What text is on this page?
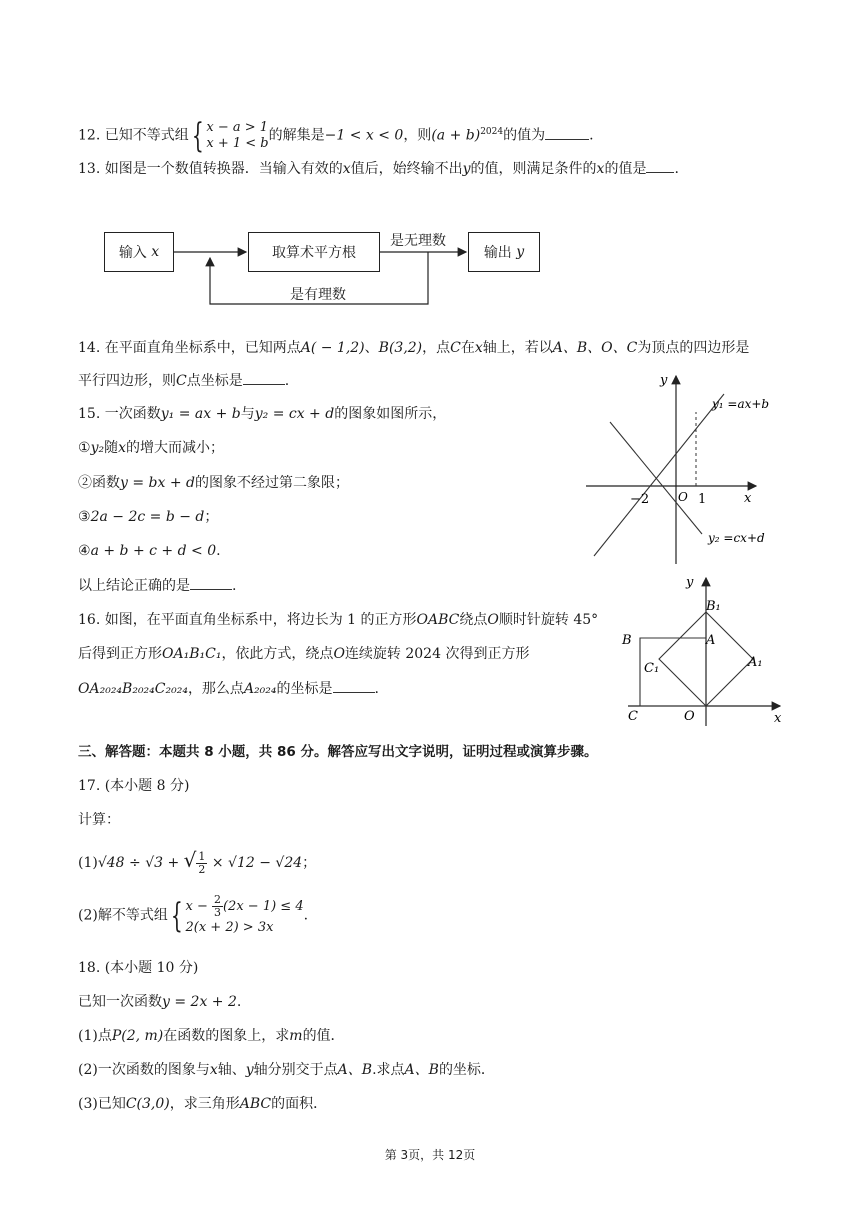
12. 已知不等式组{ x − a > 1
x + 1 < b 的解集是−1 < x < 0，则$(a + b)^{2024}$的值为	.
13. 如图是一个数值转换器．当输入有效的x值后，始终输不出y的值，则满足条件的x的值是 .
输入
x	取算术平方根	输出
y
是无理数
是有理数
14. 在平面直角坐标系中，已知两点A( − 1,2)、B(3,2)，点C在x轴上，若以A、B、O、C为顶点的四边形是
平行四边形，则C点坐标是	.
15. 一次函数y₁ = ax + b与y₂ = cx + d的图象如图所示，
①y₂随x的增大而减小；
②函数y = bx + d的图象不经过第二象限；
③2a − 2c = b − d；
④a + b + c + d < 0.
以上结论正确的是	.
y
x
O
−2	1
y₁ =ax+b
y₂ =cx+d
16. 如图，在平面直角坐标系中，将边长为 1 的正方形OABC绕点O顺时针旋转 45°
后得到正方形OA₁B₁C₁，依此方式，绕点O连续旋转 2024 次得到正方形
OA₂₀₂₄B₂₀₂₄C₂₀₂₄，那么点A₂₀₂₄的坐标是	.
y
x
B₁
B	A
C₁	A₁
C	O
三、解答题：本题共 8 小题，共 86 分。解答应写出文字说明，证明过程或演算步骤。
17. (本小题 8 分)
计算：
(1)√48 ÷ √3 + √ $\frac{1}{2} \times √12 - √24$；
(2)解不等式组{ $x - \frac{2}{3} (2x - 1) \le 4$
2(x + 2) > 3x
.
18. (本小题 10 分)
已知一次函数y = 2x + 2.
(1)点P(2, m)在函数的图象上，求m的值．
(2)一次函数的图象与x轴、y轴分别交于点A、B.求点A、B的坐标．
(3)已知C(3,0)，求三角形ABC的面积．
第 3页，共 12页
